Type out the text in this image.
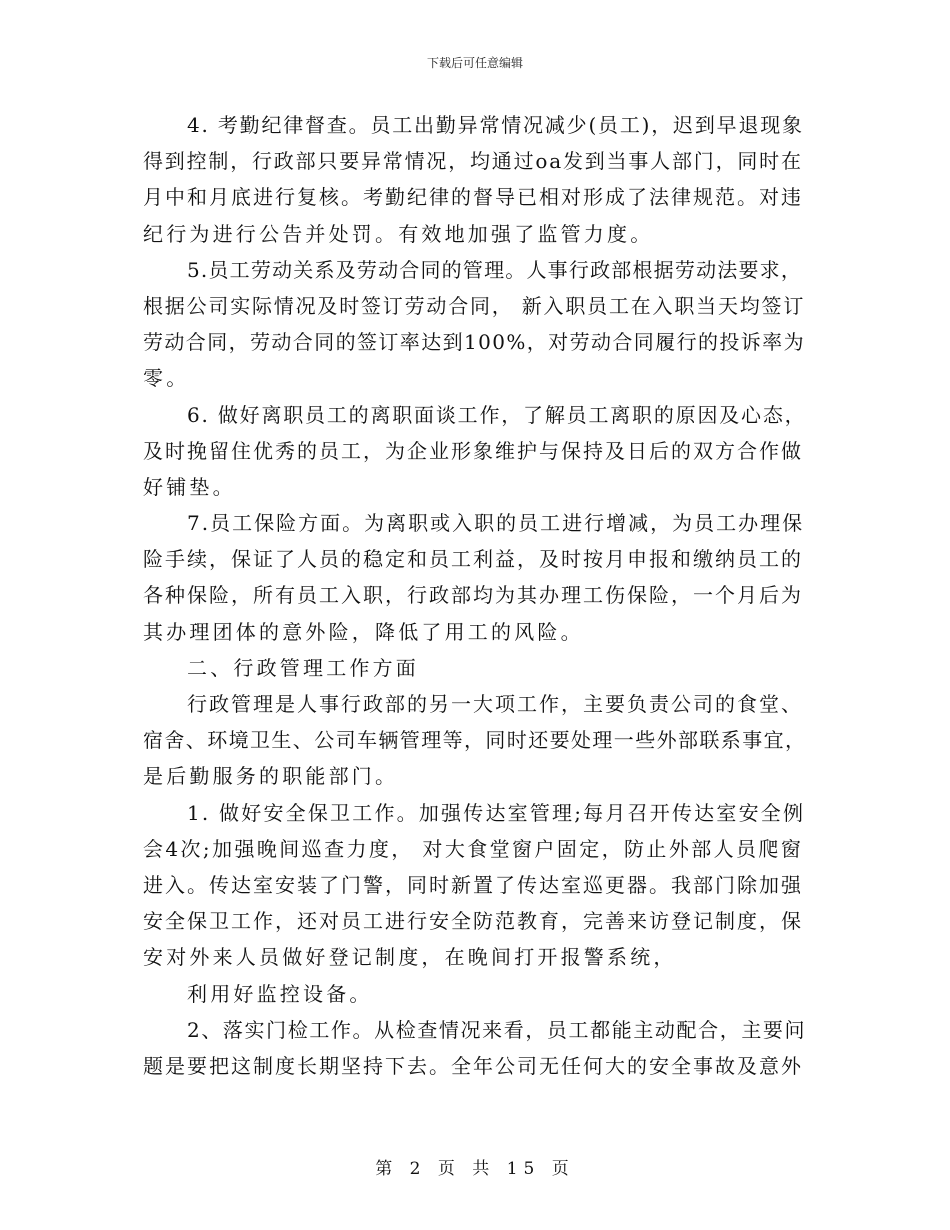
下载后可任意编辑
4. 考勤纪律督查。员工出勤异常情况减少(员工)，迟到早退现象
得到控制，行政部只要异常情况，均通过oa发到当事人部门，同时在
月中和月底进行复核。考勤纪律的督导已相对形成了法律规范。对违
纪行为进行公告并处罚。有效地加强了监管力度。
5.员工劳动关系及劳动合同的管理。人事行政部根据劳动法要求，
根据公司实际情况及时签订劳动合同， 新入职员工在入职当天均签订
劳动合同，劳动合同的签订率达到100%，对劳动合同履行的投诉率为
零。
6. 做好离职员工的离职面谈工作，了解员工离职的原因及心态，
及时挽留住优秀的员工，为企业形象维护与保持及日后的双方合作做
好铺垫。
7.员工保险方面。为离职或入职的员工进行增减，为员工办理保
险手续，保证了人员的稳定和员工利益，及时按月申报和缴纳员工的
各种保险，所有员工入职，行政部均为其办理工伤保险，一个月后为
其办理团体的意外险，降低了用工的风险。
二、行政管理工作方面
行政管理是人事行政部的另一大项工作，主要负责公司的食堂、
宿舍、环境卫生、公司车辆管理等，同时还要处理一些外部联系事宜，
是后勤服务的职能部门。
1. 做好安全保卫工作。加强传达室管理;每月召开传达室安全例
会4次;加强晚间巡查力度， 对大食堂窗户固定，防止外部人员爬窗
进入。传达室安装了门警，同时新置了传达室巡更器。我部门除加强
安全保卫工作，还对员工进行安全防范教育，完善来访登记制度，保
安对外来人员做好登记制度，在晚间打开报警系统，
利用好监控设备。
2、落实门检工作。从检查情况来看，员工都能主动配合，主要问
题是要把这制度长期坚持下去。全年公司无任何大的安全事故及意外
第 2 页 共 15 页
